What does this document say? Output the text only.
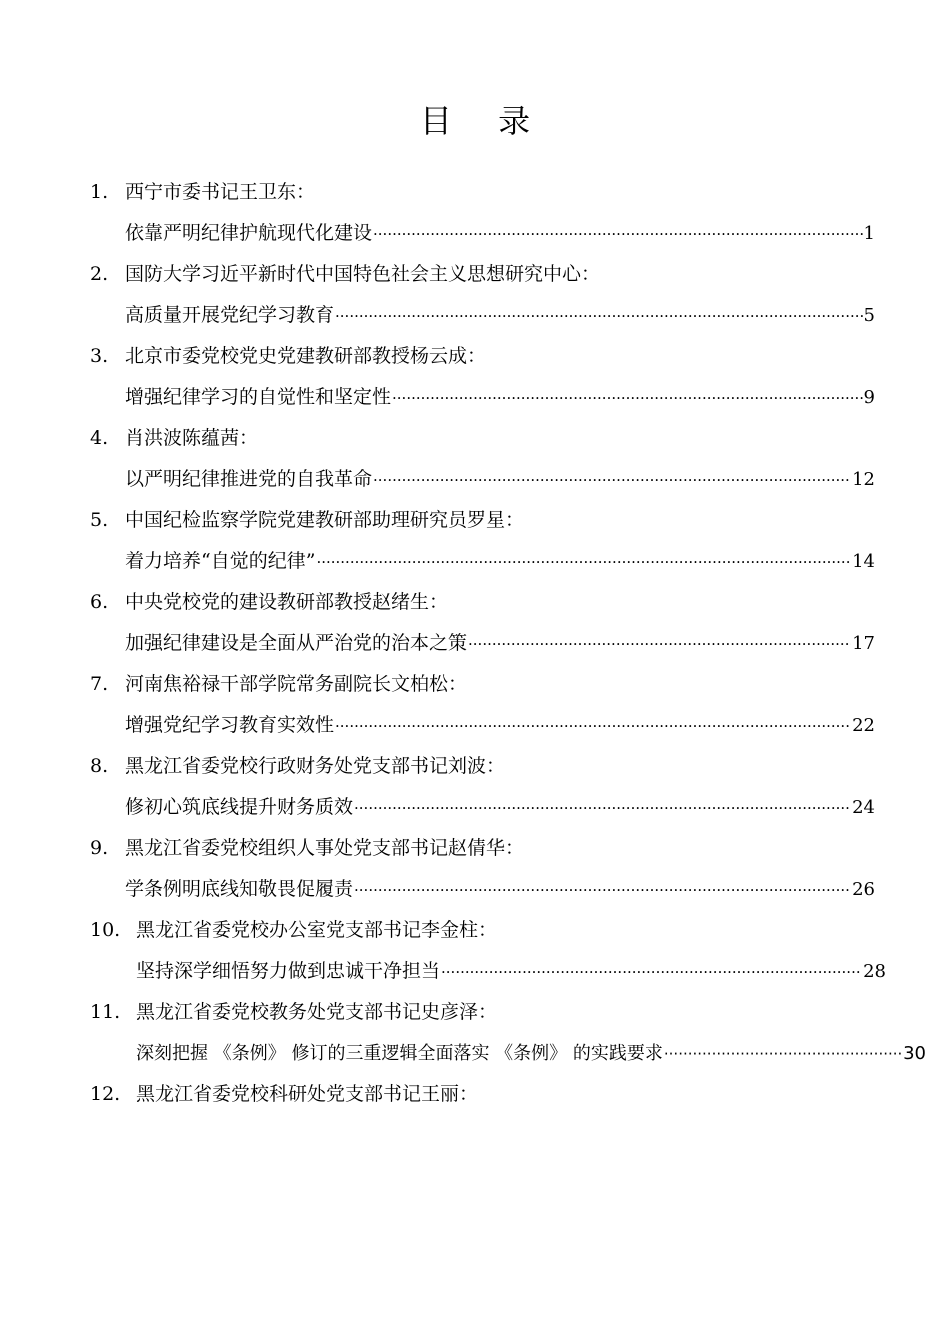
目 录
1. 西宁市委书记王卫东：
依靠严明纪律护航现代化建设 ·····	1
2. 国防大学习近平新时代中国特色社会主义思想研究中心：
高质量开展党纪学习教育 ·····	5
3. 北京市委党校党史党建教研部教授杨云成：
增强纪律学习的自觉性和坚定性 ·····	9
4. 肖洪波陈蕴茜：
以严明纪律推进党的自我革命 ·····	12
5. 中国纪检监察学院党建教研部助理研究员罗星：
着力培养“自觉的纪律” ·····	14
6. 中央党校党的建设教研部教授赵绪生：
加强纪律建设是全面从严治党的治本之策 ·····	17
7. 河南焦裕禄干部学院常务副院长文柏松：
增强党纪学习教育实效性 ·····	22
8. 黑龙江省委党校行政财务处党支部书记刘波：
修初心筑底线提升财务质效 ·····	24
9. 黑龙江省委党校组织人事处党支部书记赵倩华：
学条例明底线知敬畏促履责 ·····	26
10. 黑龙江省委党校办公室党支部书记李金柱：
坚持深学细悟努力做到忠诚干净担当 ·····	28
11. 黑龙江省委党校教务处党支部书记史彦泽：
深刻把握 《条例》 修订的三重逻辑全面落实 《条例》 的实践要求 ·····	30
12. 黑龙江省委党校科研处党支部书记王丽：
